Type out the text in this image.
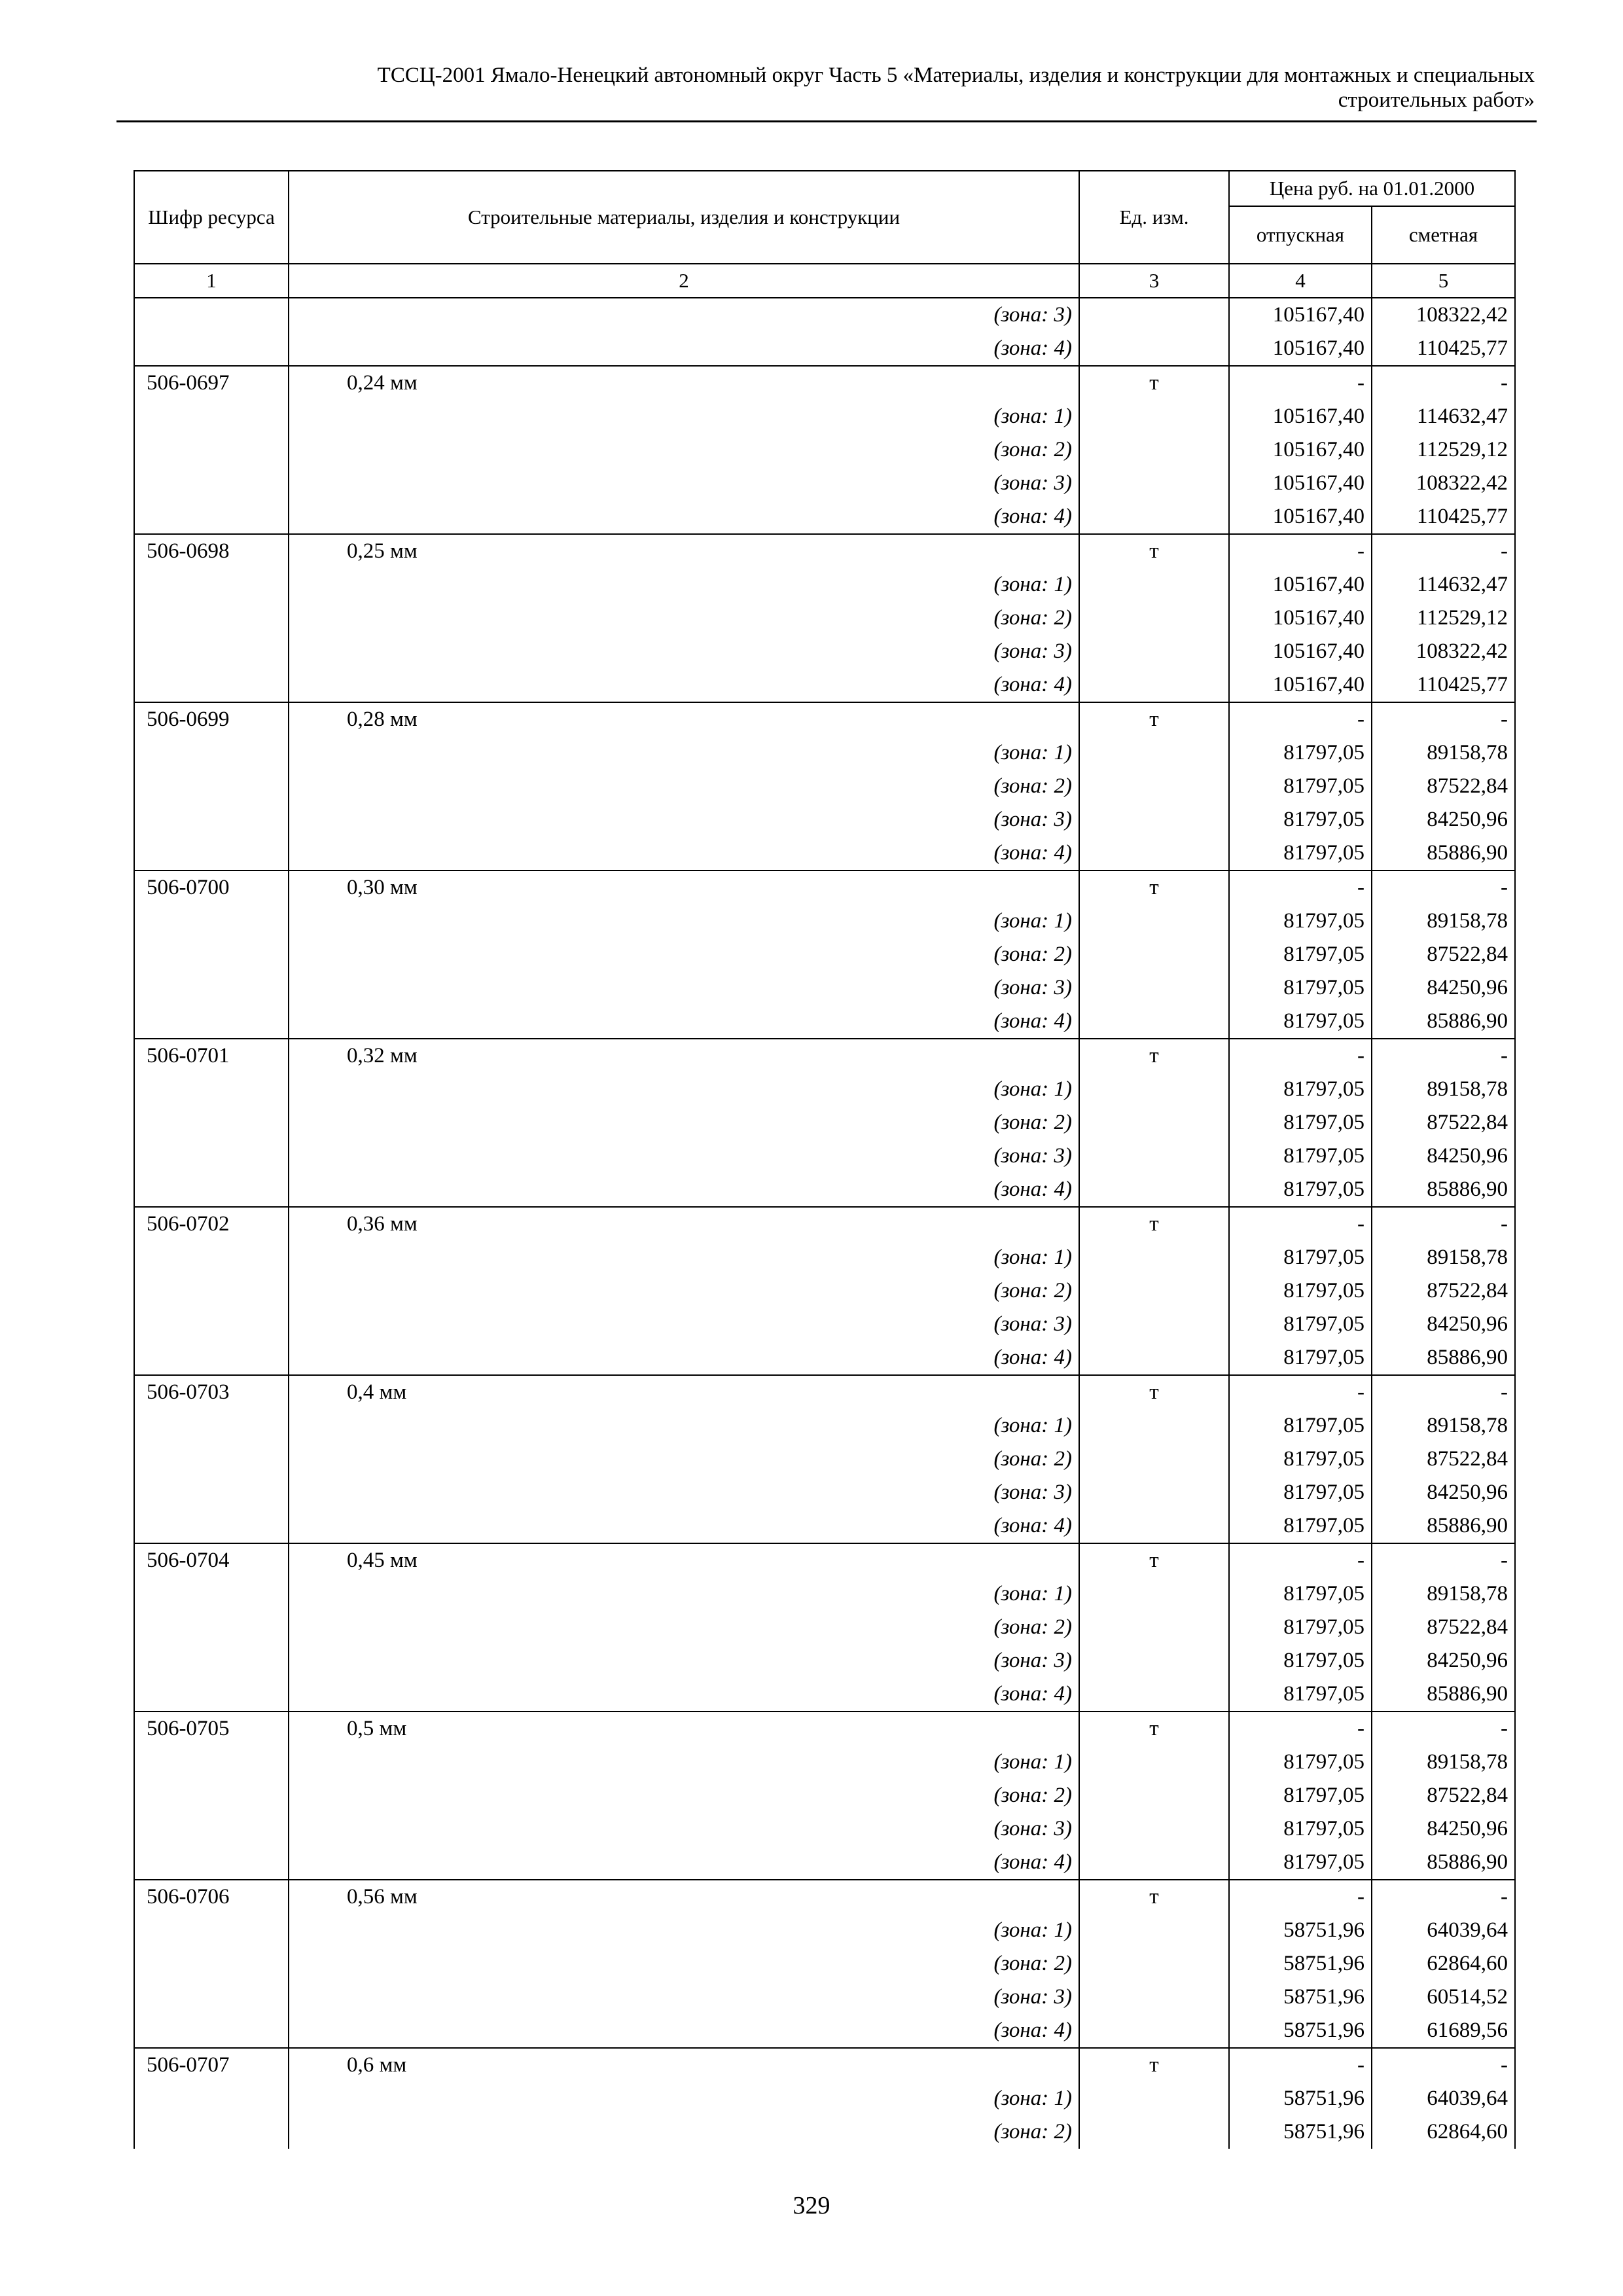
ТССЦ-2001 Ямало-Ненецкий автономный округ Часть 5 «Материалы, изделия и конструкции для монтажных и специальных
строительных работ»
Шифр ресурса	Строительные материалы, изделия и конструкции	Ед. изм.	Цена руб. на 01.01.2000	
			отпускная	сметная
1	2	3	4	5
	(зона: 3)		105167,40	108322,42
	(зона: 4)		105167,40	110425,77
506-0697	0,24 мм	т	-	-
	(зона: 1)		105167,40	114632,47
	(зона: 2)		105167,40	112529,12
	(зона: 3)		105167,40	108322,42
	(зона: 4)		105167,40	110425,77
506-0698	0,25 мм	т	-	-
	(зона: 1)		105167,40	114632,47
	(зона: 2)		105167,40	112529,12
	(зона: 3)		105167,40	108322,42
	(зона: 4)		105167,40	110425,77
506-0699	0,28 мм	т	-	-
	(зона: 1)		81797,05	89158,78
	(зона: 2)		81797,05	87522,84
	(зона: 3)		81797,05	84250,96
	(зона: 4)		81797,05	85886,90
506-0700	0,30 мм	т	-	-
	(зона: 1)		81797,05	89158,78
	(зона: 2)		81797,05	87522,84
	(зона: 3)		81797,05	84250,96
	(зона: 4)		81797,05	85886,90
506-0701	0,32 мм	т	-	-
	(зона: 1)		81797,05	89158,78
	(зона: 2)		81797,05	87522,84
	(зона: 3)		81797,05	84250,96
	(зона: 4)		81797,05	85886,90
506-0702	0,36 мм	т	-	-
	(зона: 1)		81797,05	89158,78
	(зона: 2)		81797,05	87522,84
	(зона: 3)		81797,05	84250,96
	(зона: 4)		81797,05	85886,90
506-0703	0,4 мм	т	-	-
	(зона: 1)		81797,05	89158,78
	(зона: 2)		81797,05	87522,84
	(зона: 3)		81797,05	84250,96
	(зона: 4)		81797,05	85886,90
506-0704	0,45 мм	т	-	-
	(зона: 1)		81797,05	89158,78
	(зона: 2)		81797,05	87522,84
	(зона: 3)		81797,05	84250,96
	(зона: 4)		81797,05	85886,90
506-0705	0,5 мм	т	-	-
	(зона: 1)		81797,05	89158,78
	(зона: 2)		81797,05	87522,84
	(зона: 3)		81797,05	84250,96
	(зона: 4)		81797,05	85886,90
506-0706	0,56 мм	т	-	-
	(зона: 1)		58751,96	64039,64
	(зона: 2)		58751,96	62864,60
	(зона: 3)		58751,96	60514,52
	(зона: 4)		58751,96	61689,56
506-0707	0,6 мм	т	-	-
	(зона: 1)		58751,96	64039,64
	(зона: 2)		58751,96	62864,60
329
